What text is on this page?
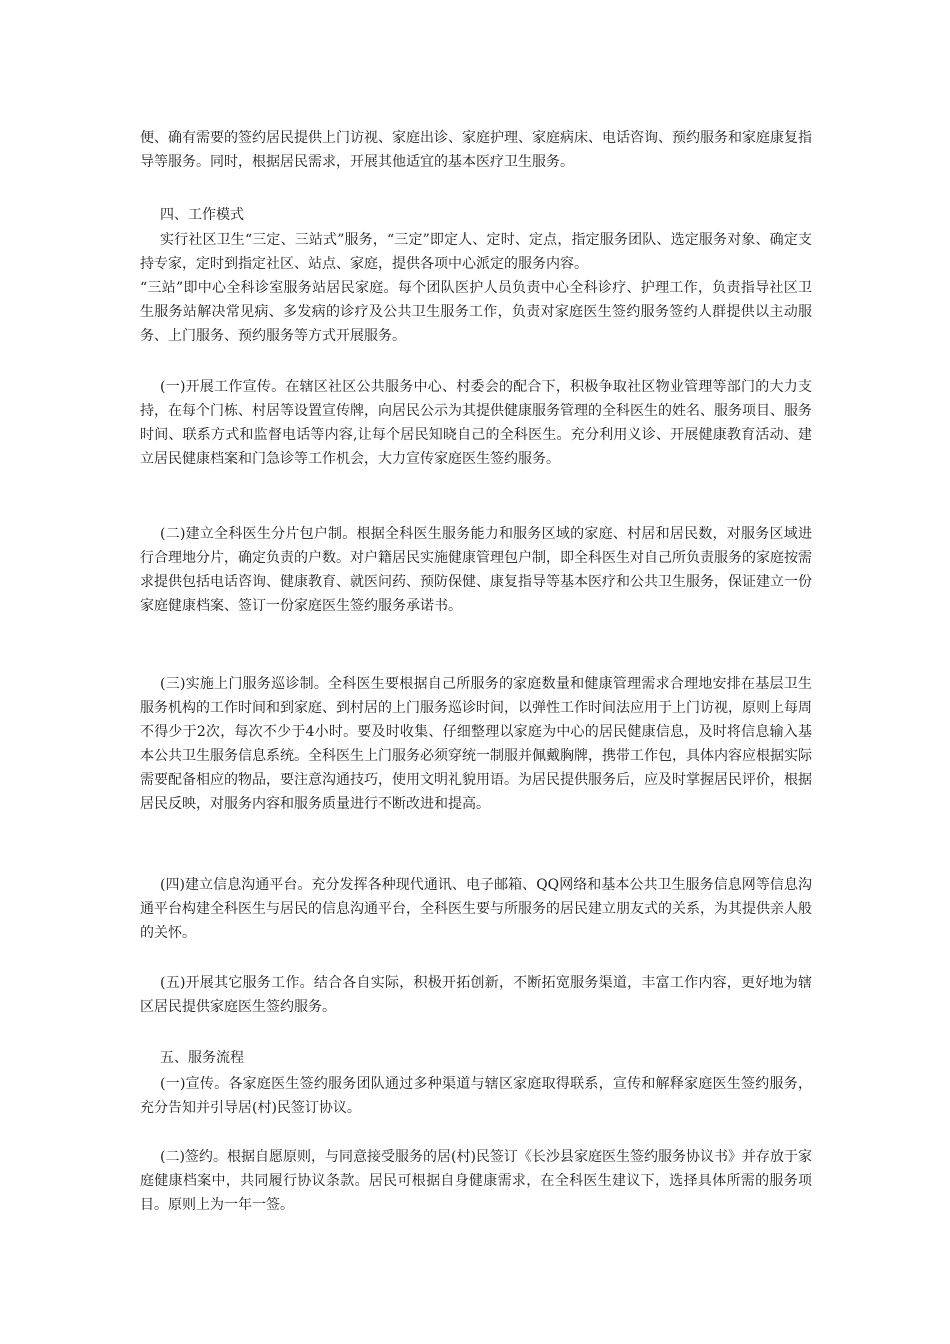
便、确有需要的签约居民提供上门访视、家庭出诊、家庭护理、家庭病床、电话咨询、预约服务和家庭康复指导等服务。同时，根据居民需求，开展其他适宜的基本医疗卫生服务。
四、工作模式
实行社区卫生“三定、三站式”服务，“三定”即定人、定时、定点，指定服务团队、选定服务对象、确定支持专家，定时到指定社区、站点、家庭，提供各项中心派定的服务内容。
“三站”即中心全科诊室服务站居民家庭。每个团队医护人员负责中心全科诊疗、护理工作，负责指导社区卫生服务站解决常见病、多发病的诊疗及公共卫生服务工作，负责对家庭医生签约服务签约人群提供以主动服务、上门服务、预约服务等方式开展服务。
(一)开展工作宣传。在辖区社区公共服务中心、村委会的配合下，积极争取社区物业管理等部门的大力支持，在每个门栋、村居等设置宣传牌，向居民公示为其提供健康服务管理的全科医生的姓名、服务项目、服务时间、联系方式和监督电话等内容,让每个居民知晓自己的全科医生。充分利用义诊、开展健康教育活动、建立居民健康档案和门急诊等工作机会，大力宣传家庭医生签约服务。
(二)建立全科医生分片包户制。根据全科医生服务能力和服务区域的家庭、村居和居民数，对服务区域进行合理地分片，确定负责的户数。对户籍居民实施健康管理包户制，即全科医生对自己所负责服务的家庭按需求提供包括电话咨询、健康教育、就医问药、预防保健、康复指导等基本医疗和公共卫生服务，保证建立一份家庭健康档案、签订一份家庭医生签约服务承诺书。
(三)实施上门服务巡诊制。全科医生要根据自己所服务的家庭数量和健康管理需求合理地安排在基层卫生服务机构的工作时间和到家庭、到村居的上门服务巡诊时间，以弹性工作时间法应用于上门访视，原则上每周不得少于2次，每次不少于4小时。要及时收集、仔细整理以家庭为中心的居民健康信息，及时将信息输入基本公共卫生服务信息系统。全科医生上门服务必须穿统一制服并佩戴胸牌，携带工作包，具体内容应根据实际需要配备相应的物品，要注意沟通技巧，使用文明礼貌用语。为居民提供服务后，应及时掌握居民评价，根据居民反映，对服务内容和服务质量进行不断改进和提高。
(四)建立信息沟通平台。充分发挥各种现代通讯、电子邮箱、QQ网络和基本公共卫生服务信息网等信息沟通平台构建全科医生与居民的信息沟通平台，全科医生要与所服务的居民建立朋友式的关系，为其提供亲人般的关怀。
(五)开展其它服务工作。结合各自实际，积极开拓创新，不断拓宽服务渠道，丰富工作内容，更好地为辖区居民提供家庭医生签约服务。
五、服务流程
(一)宣传。各家庭医生签约服务团队通过多种渠道与辖区家庭取得联系，宣传和解释家庭医生签约服务，充分告知并引导居(村)民签订协议。
(二)签约。根据自愿原则，与同意接受服务的居(村)民签订《长沙县家庭医生签约服务协议书》并存放于家庭健康档案中，共同履行协议条款。居民可根据自身健康需求，在全科医生建议下，选择具体所需的服务项目。原则上为一年一签。
